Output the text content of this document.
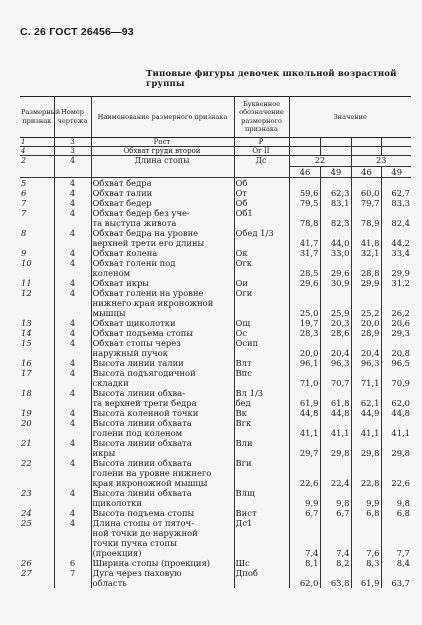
С. 26 ГОСТ 26456—93
Типовые фигуры девочек школьной возрастной группы
Размерный признак	Номер чертежа	Наименование размерного признака	Буквенное обозначение размерного признака	Значение			
1	3	Рост	Р				
4	3	Обхват груди второй	Ог II				
2	4	Длина стопы	Дс	22		23	
				46	49	46	49
5	4	Обхват бедра	Об				
6	4	Обхват талии	От	59,6	62,3	60,0	62,7
7	4	Обхват бедер	Об	79,5	83,1	79,7	83,3
7	4	Обхват бедер без уче-	Об1				
		та выступа живота		78,8	82,3	78,9	82,4
8	4	Обхват бедра на уровне	Обед 1/3				
		верхней трети его длины		41,7	44,0	41,8	44,2
9	4	Обхват колена	Ок	31,7	33,0	32,1	33,4
10	4	Обхват голени под	Огк				
		коленом		28,5	29,6	28,8	29,9
11	4	Обхват икры	Ои	29,6	30,9	29,9	31,2
12	4	Обхват голени на уровне	Оги				
		нижнего края икроножной					
		мышцы		25,0	25,9	25,2	26,2
13	4	Обхват щиколотки	Ощ	19,7	20,3	20,0	20,6
14	4	Обхват подъема стопы	Ос	28,3	28,6	28,9	29,3
15	4	Обхват стопы через	Осип				
		наружный пучок		20,0	20,4	20,4	20,8
16	4	Высота линии талии	Влт	96,1	96,3	96,3	96,5
17	4	Высота подъягодичной	Впс				
		складки		71,0	70,7	71,1	70,9
18	4	Высота линии обхва-	Вл 1/3				
		та верхней трети бедра	бед	61,9	61,8	62,1	62,0
19	4	Высота коленной точки	Вк	44,8	44,8	44,9	44,8
20	4	Высота линии обхвата	Вгк				
		голени под коленом		41,1	41,1	41,1	41,1
21	4	Высота линии обхвата	Вли				
		икры		29,7	29,8	29,8	29,8
22	4	Высота линии обхвата	Вги				
		голени на уровне нижнего					
		края икроножной мышцы		22,6	22,4	22,8	22,6
23	4	Высота линии обхвата	Влщ				
		щиколотки		9,9	9,8	9,9	9,8
24	4	Высота подъема стопы	Вист	6,7	6,7	6,8	6,8
25	4	Длина стопы от пяточ-	Дс1				
		ной точки до наружной					
		точки пучка стопы					
		(проекция)		7,4	7,4	7,6	7,7
26	6	Ширина стопы (проекция)	Шс	8,1	8,2	8,3	8,4
27	7	Дуга через паховую	Дпоб				
		область		62,0	63,8	61,9	63,7
